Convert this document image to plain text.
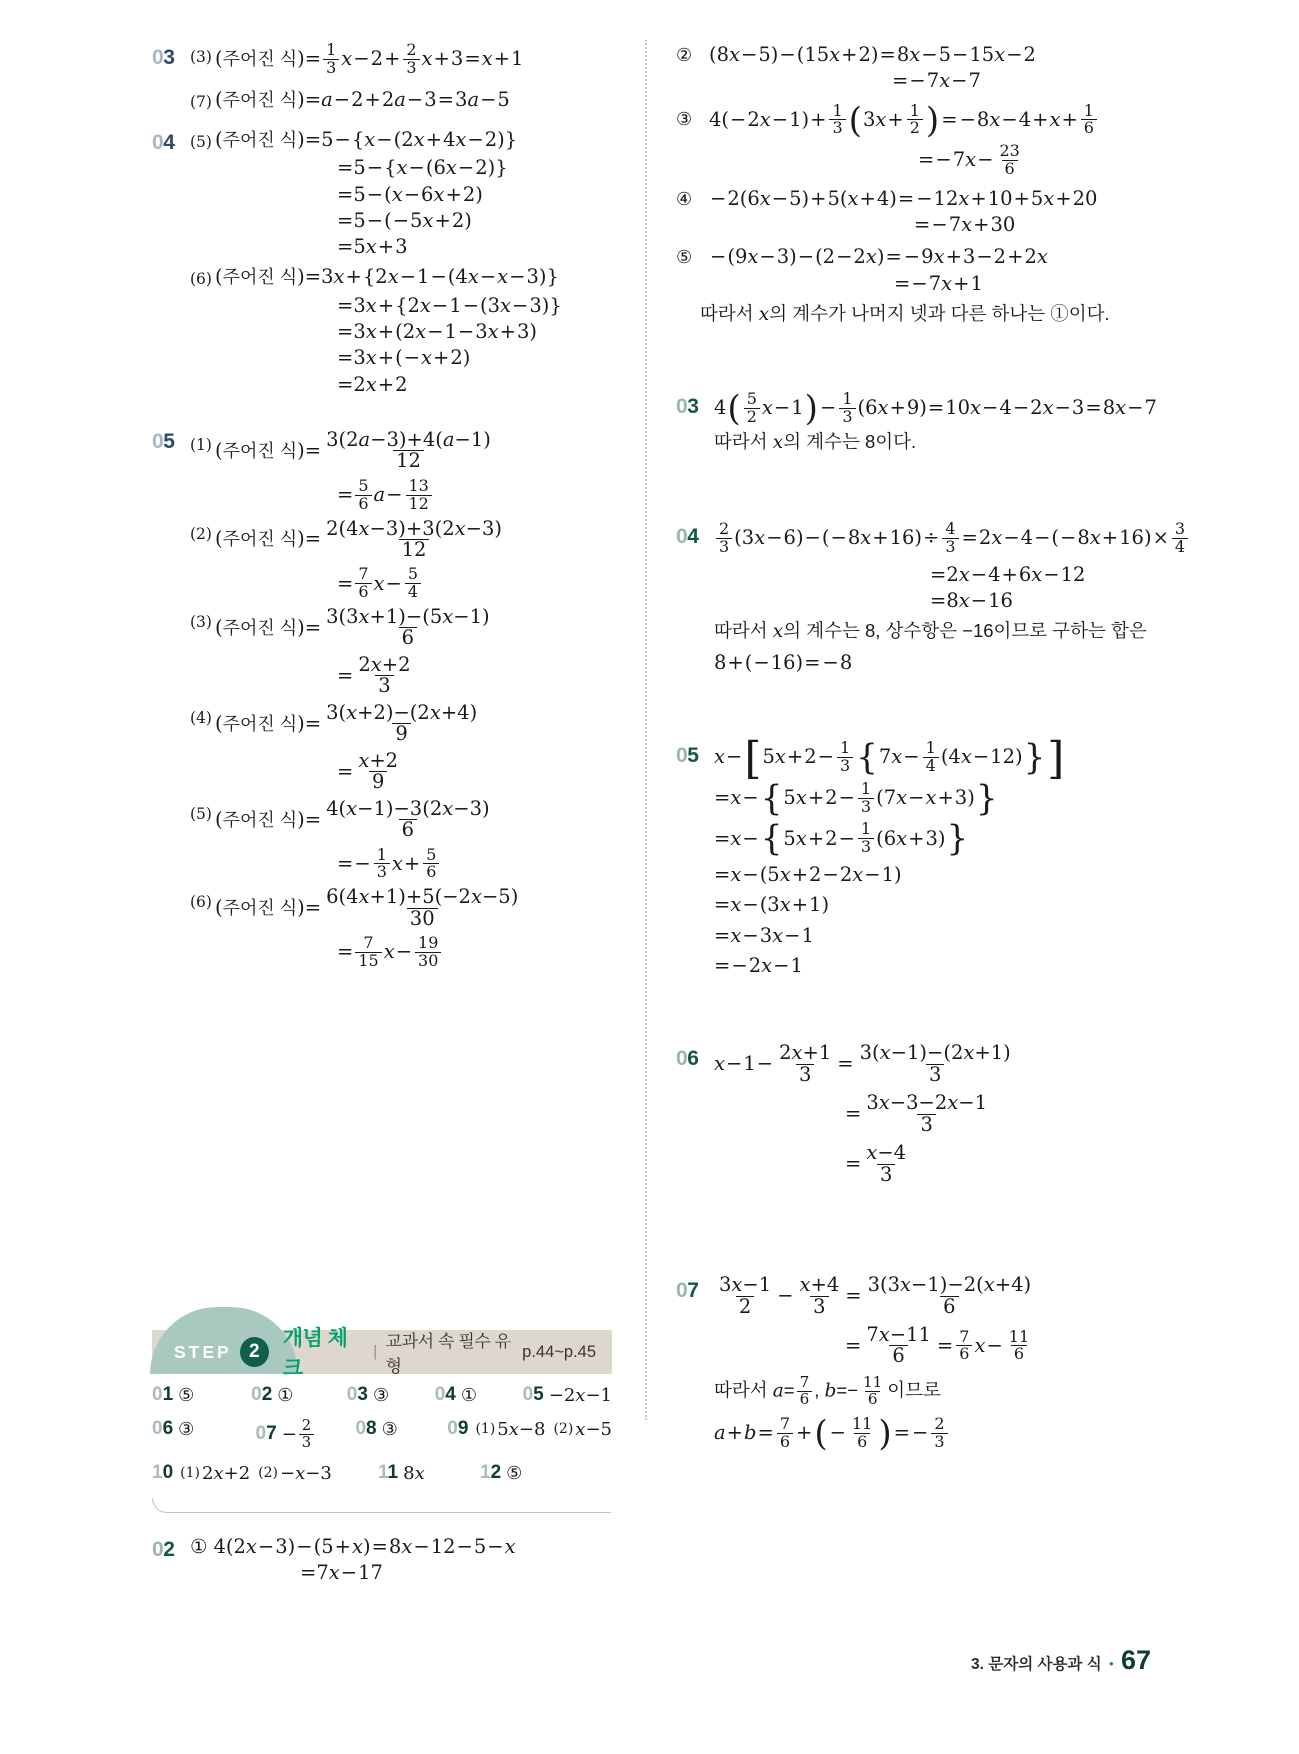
03	(3) ( 주어진 식 )= $\frac{1}{3}$ $x - 2 + \frac{2}{3}$ x + 3 = x + 1
(7) ( 주어진 식 )= a − 2 + 2 a − 3 = 3 a − 5
04	(5) ( 주어진 식 )= 5 − { x − (2 x + 4 x − 2)}
=5 − { x − (6 x − 2)}
=5 − ( x − 6 x + 2)
=5 − ( − 5 x + 2)
=5 x + 3
(6) ( 주어진 식 )= 3 x + {2 x − 1 − (4 x − x − 3)}
=3 x + {2 x − 1 − (3 x − 3)}
=3 x + (2 x − 1 − 3 x + 3)
=3 x + ( − x + 2)
=2 x + 2
05	(1) ( 주어진 식 )= $\frac{3(2a-3)+4(a-1)}{12}$
= $\frac{5}{6}$ $a - \frac{13}{12}$
(2) ( 주어진 식 )= $\frac{2(4x-3)+3(2x-3)}{12}$
= $\frac{7}{6}$ $x - \frac{5}{4}$
(3) ( 주어진 식 )= $\frac{3(3x+1)-(5x-1)}{6}$
= $\frac{2x+2}{3}$
(4) ( 주어진 식 )= $\frac{3(x+2)-(2x+4)}{9}$
= $\frac{x+2}{9}$
(5) ( 주어진 식 )= $\frac{4(x-1)-3(2x-3)}{6}$
= − $\frac{1}{3}$ $x + \frac{5}{6}$
(6) ( 주어진 식 )= $\frac{6(4x+1)+5(-2x-5)}{30}$
= $\frac{7}{15}$ $x - \frac{19}{30}$
STEP 2
개념 체크
|
교과서 속 필수 유형
p.44~p.45
01 ⑤	02 ①	03 ③ 04 ① 05 −2 x −1
06 ③	$07 - \frac{2}{3} 08$ ③	09 (1) 5 x −8 (2) x −5
10 (1) 2 x +2 (2) − x −3 11 8 x	12 ⑤
02 ① 4(2 x − 3) − (5 + x ) = 8 x − 12 − 5 − x
=7 x − 17
② (8 x − 5) − (15 x + 2) = 8 x − 5 − 15 x − 2
= − 7 x − 7
③ 4( − 2 $x - 1) + \frac{1}{3}$ ( 3 $x + \frac{1}{2}$ ) = − 8 $x - 4 + x + \frac{1}{6}$
= − 7 $x - \frac{23}{6}$
④ − 2(6 x − 5) + 5( x + 4) = − 12 x + 10 + 5 x + 20
= − 7 x + 30
⑤ − (9 x − 3) − (2 − 2 x ) = − 9 x + 3 − 2 + 2 x
= − 7 x + 1
따라서 x의 계수가 나머지 넷과 다른 하나는 ①이다.
03 4 ( $\frac{5}{2}$ x − 1 ) − $\frac{1}{3} (6$ x + 9) = 10 x − 4 − 2 x − 3 = 8 x − 7
따라서 x의 계수는 8이다.
04	$\frac{2}{3} (3$ x − 6) − ( − 8 $x + 16) \div \frac{4}{3} = 2$ x − 4 − ( − 8 $x + 16) \times \frac{3}{4}$
=2 x − 4 + 6 x − 12
=8 x − 16
따라서 x의 계수는 8, 상수항은 −16이므로 구하는 합은
8 + ( − 16) = − 8
05 x − [ 5 $x + 2 - \frac{1}{3}$ { 7 $x - \frac{1}{4} (4$ x − 12) } ]
= x − { 5 $x + 2 - \frac{1}{3} (7$ x − x + 3) }
= x − { 5 $x + 2 - \frac{1}{3} (6$ x + 3) }
= x − (5 x + 2 − 2 x − 1)
= x − (3 x + 1)
= x − 3 x − 1
= − 2 x − 1
06 $x - 1 - \frac{2x+1}{3} = \frac{3(x-1)-(2x+1)}{3}$
= $\frac{3x-3-2x-1}{3}$
= $\frac{x-4}{3}$
$07 \frac{3x-1}{2} - \frac{x+4}{3} = \frac{3(3x-1)-2(x+4)}{6}$
= $\frac{7x-11}{6} = \frac{7}{6}$ $x - \frac{11}{6}$
따라서 $a= \frac{7}{6}$ , $b=- \frac{11}{6}$ 이므로
$a + b = \frac{7}{6}$ + ( − $\frac{11}{6}$ ) = − $\frac{2}{3}$
3. 문자의 사용과 식 • 67
